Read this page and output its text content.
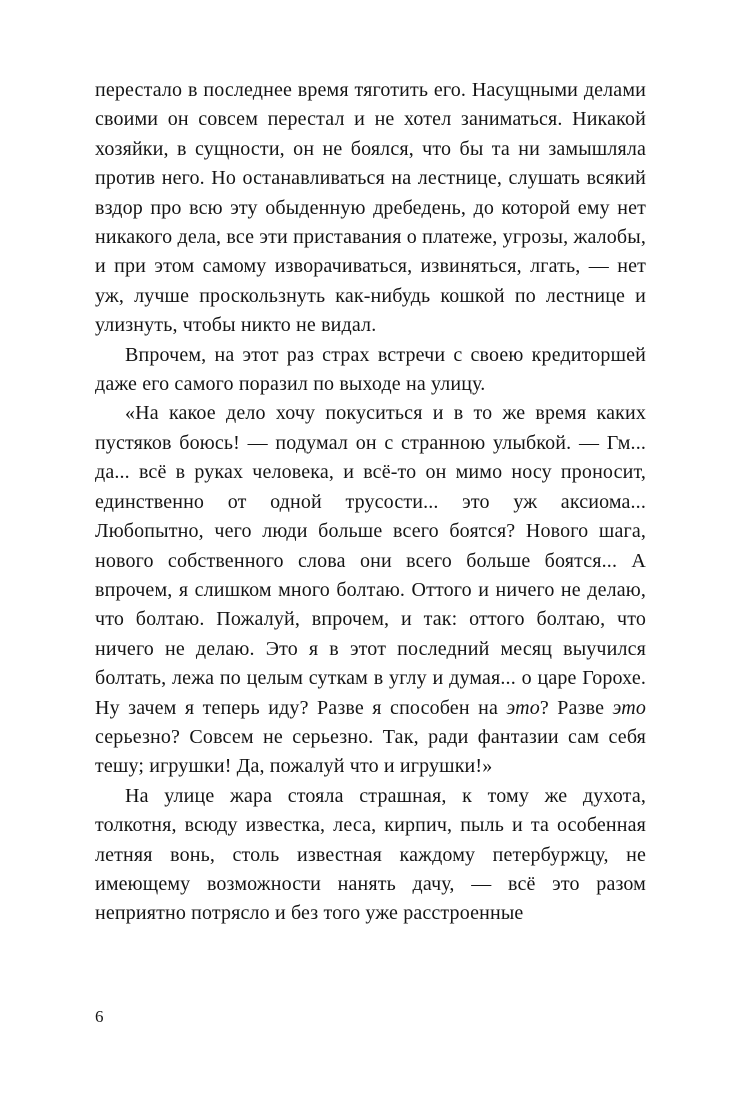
перестало в последнее время тяготить его. Насущными делами своими он совсем перестал и не хотел заниматься. Никакой хозяйки, в сущности, он не боялся, что бы та ни замышляла против него. Но останавливаться на лестнице, слушать всякий вздор про всю эту обыденную дребедень, до которой ему нет никакого дела, все эти приставания о платеже, угрозы, жалобы, и при этом самому изворачиваться, извиняться, лгать, — нет уж, лучше проскользнуть как-нибудь кошкой по лестнице и улизнуть, чтобы никто не видал.

Впрочем, на этот раз страх встречи с своею кредиторшей даже его самого поразил по выходе на улицу.

«На какое дело хочу покуситься и в то же время каких пустяков боюсь! — подумал он с странною улыбкой. — Гм... да... всё в руках человека, и всё-то он мимо носу проносит, единственно от одной трусости... это уж аксиома... Любопытно, чего люди больше всего боятся? Нового шага, нового собственного слова они всего больше боятся... А впрочем, я слишком много болтаю. Оттого и ничего не делаю, что болтаю. Пожалуй, впрочем, и так: оттого болтаю, что ничего не делаю. Это я в этот последний месяц выучился болтать, лежа по целым суткам в углу и думая... о царе Горохе. Ну зачем я теперь иду? Разве я способен на это? Разве это серьезно? Совсем не серьезно. Так, ради фантазии сам себя тешу; игрушки! Да, пожалуй что и игрушки!»

На улице жара стояла страшная, к тому же духота, толкотня, всюду известка, леса, кирпич, пыль и та особенная летняя вонь, столь известная каждому петербуржцу, не имеющему возможности нанять дачу, — всё это разом неприятно потрясло и без того уже расстроенные

6
